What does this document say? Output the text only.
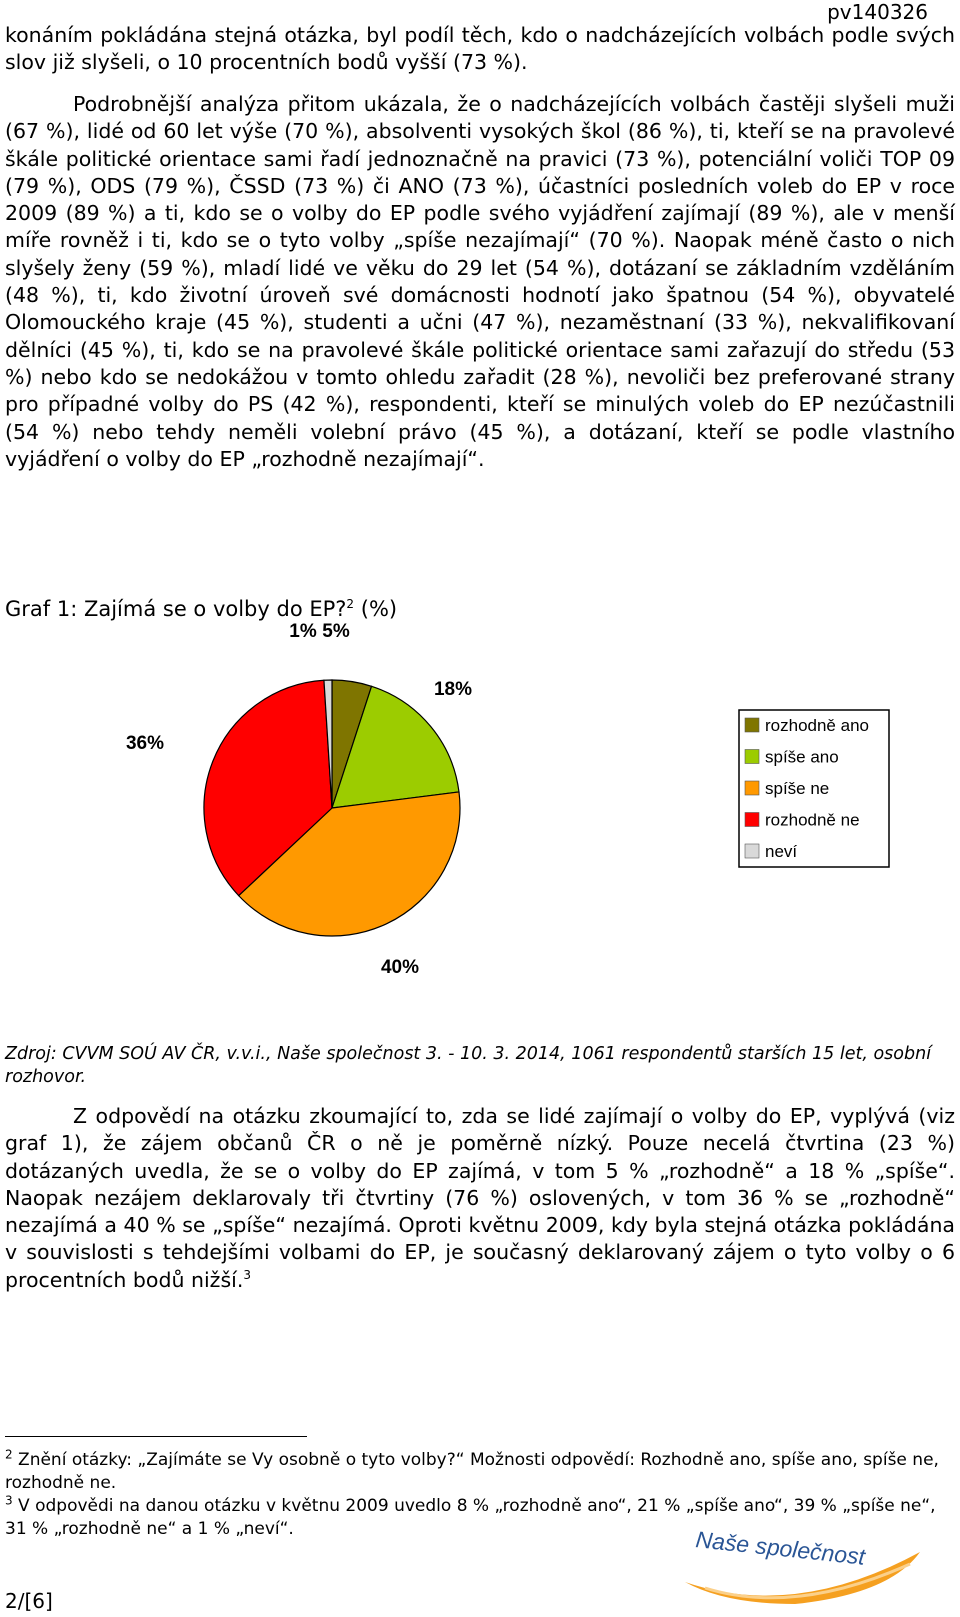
pv140326

konáním pokládána stejná otázka, byl podíl těch, kdo o nadcházejících volbách podle svých slov již slyšeli, o 10 procentních bodů vyšší (73 %).

Podrobnější analýza přitom ukázala, že o nadcházejících volbách častěji slyšeli muži (67 %), lidé od 60 let výše (70 %), absolventi vysokých škol (86 %), ti, kteří se na pravolevé škále politické orientace sami řadí jednoznačně na pravici (73 %), potenciální voliči TOP 09 (79 %), ODS (79 %), ČSSD (73 %) či ANO (73 %), účastníci posledních voleb do EP v roce 2009 (89 %) a ti, kdo se o volby do EP podle svého vyjádření zajímají (89 %), ale v menší míře rovněž i ti, kdo se o tyto volby „spíše nezajímají“ (70 %). Naopak méně často o nich slyšely ženy (59 %), mladí lidé ve věku do 29 let (54 %), dotázaní se základním vzděláním (48 %), ti, kdo životní úroveň své domácnosti hodnotí jako špatnou (54 %), obyvatelé Olomouckého kraje (45 %), studenti a učni (47 %), nezaměstnaní (33 %), nekvalifikovaní dělníci (45 %), ti, kdo se na pravolevé škále politické orientace sami zařazují do středu (53 %) nebo kdo se nedokážou v tomto ohledu zařadit (28 %), nevoliči bez preferované strany pro případné volby do PS (42 %), respondenti, kteří se minulých voleb do EP nezúčastnili (54 %) nebo tehdy neměli volební právo (45 %), a dotázaní, kteří se podle vlastního vyjádření o volby do EP „rozhodně nezajímají“.

Graf 1: Zajímá se o volby do EP?$^2$ (%)
5%
18%
40%
36%
1%
rozhodně ano
spíše ano
spíše ne
rozhodně ne
neví
Zdroj: CVVM SOÚ AV ČR, v.v.i., Naše společnost 3. - 10. 3. 2014, 1061 respondentů starších 15 let, osobní rozhovor.

Z odpovědí na otázku zkoumající to, zda se lidé zajímají o volby do EP, vyplývá (viz graf 1), že zájem občanů ČR o ně je poměrně nízký. Pouze necelá čtvrtina (23 %) dotázaných uvedla, že se o volby do EP zajímá, v tom 5 % „rozhodně“ a 18 % „spíše“. Naopak nezájem deklarovaly tři čtvrtiny (76 %) oslovených, v tom 36 % se „rozhodně“ nezajímá a 40 % se „spíše“ nezajímá. Oproti květnu 2009, kdy byla stejná otázka pokládána v souvislosti s tehdejšími volbami do EP, je současný deklarovaný zájem o tyto volby o 6 procentních bodů nižší.$^3$

$^2$ Znění otázky: „Zajímáte se Vy osobně o tyto volby?“ Možnosti odpovědí: Rozhodně ano, spíše ano, spíše ne, rozhodně ne.
$^3$ V odpovědi na danou otázku v květnu 2009 uvedlo 8 % „rozhodně ano“, 21 % „spíše ano“, 39 % „spíše ne“, 31 % „rozhodně ne“ a 1 % „neví“.	Naše společnost
2/[6]
